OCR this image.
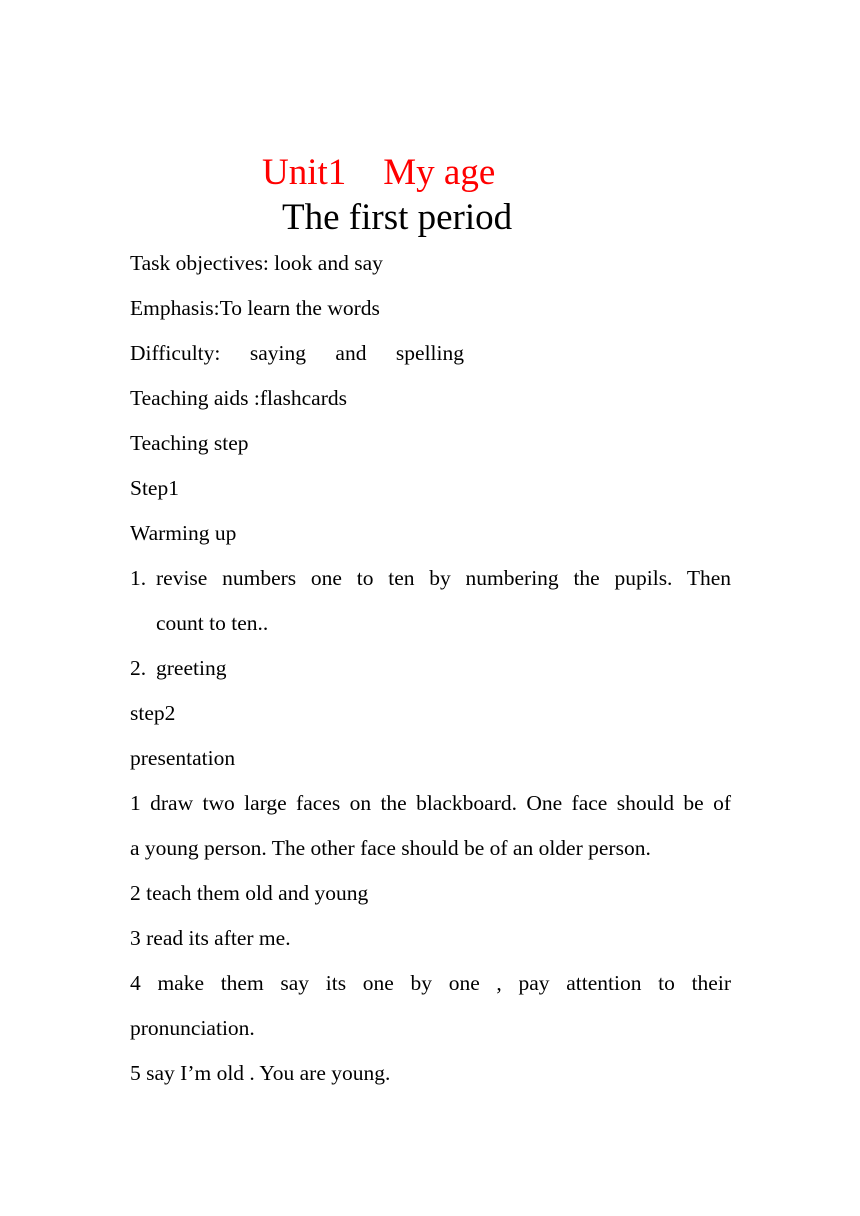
Unit1 My age
The first period
Task objectives: look and say
Emphasis:To learn the words
Difficulty: saying and spelling
Teaching aids :flashcards
Teaching step
Step1
Warming up
1. revise numbers one to ten by numbering the pupils. Then
count to ten..
2. greeting
step2
presentation
1 draw two large faces on the blackboard. One face should be of
a young person. The other face should be of an older person.
2 teach them old and young
3 read its after me.
4 make them say its one by one , pay attention to their
pronunciation.
5 say I’m old . You are young.
